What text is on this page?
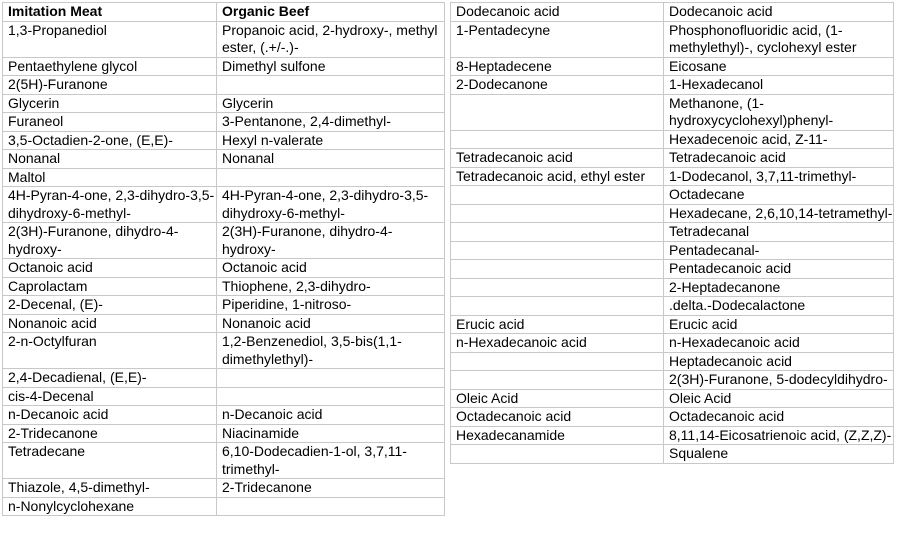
Imitation Meat	Organic Beef
1,3-Propanediol	Propanoic acid, 2-hydroxy-, methyl ester, (.+/-.)-
Pentaethylene glycol	Dimethyl sulfone
2(5H)-Furanone	
Glycerin	Glycerin
Furaneol	3-Pentanone, 2,4-dimethyl-
3,5-Octadien-2-one, (E,E)-	Hexyl n-valerate
Nonanal	Nonanal
Maltol	
4H-Pyran-4-one, 2,3-dihydro-3,5-dihydroxy-6-methyl-	4H-Pyran-4-one, 2,3-dihydro-3,5-dihydroxy-6-methyl-
2(3H)-Furanone, dihydro-4-hydroxy-	2(3H)-Furanone, dihydro-4-hydroxy-
Octanoic acid	Octanoic acid
Caprolactam	Thiophene, 2,3-dihydro-
2-Decenal, (E)-	Piperidine, 1-nitroso-
Nonanoic acid	Nonanoic acid
2-n-Octylfuran	1,2-Benzenediol, 3,5-bis(1,1-dimethylethyl)-
2,4-Decadienal, (E,E)-	
cis-4-Decenal	
n-Decanoic acid	n-Decanoic acid
2-Tridecanone	Niacinamide
Tetradecane	6,10-Dodecadien-1-ol, 3,7,11-trimethyl-
Thiazole, 4,5-dimethyl-	2-Tridecanone
n-Nonylcyclohexane	
Dodecanoic acid	Dodecanoic acid
1-Pentadecyne	Phosphonofluoridic acid, (1-methylethyl)-, cyclohexyl ester
8-Heptadecene	Eicosane
2-Dodecanone	1-Hexadecanol
	Methanone, (1-hydroxycyclohexyl)phenyl-
	Hexadecenoic acid, Z-11-
Tetradecanoic acid	Tetradecanoic acid
Tetradecanoic acid, ethyl ester	1-Dodecanol, 3,7,11-trimethyl-
	Octadecane
	Hexadecane, 2,6,10,14-tetramethyl-
	Tetradecanal
	Pentadecanal-
	Pentadecanoic acid
	2-Heptadecanone
	.delta.-Dodecalactone
Erucic acid	Erucic acid
n-Hexadecanoic acid	n-Hexadecanoic acid
	Heptadecanoic acid
	2(3H)-Furanone, 5-dodecyldihydro-
Oleic Acid	Oleic Acid
Octadecanoic acid	Octadecanoic acid
Hexadecanamide	8,11,14-Eicosatrienoic acid, (Z,Z,Z)-
	Squalene
